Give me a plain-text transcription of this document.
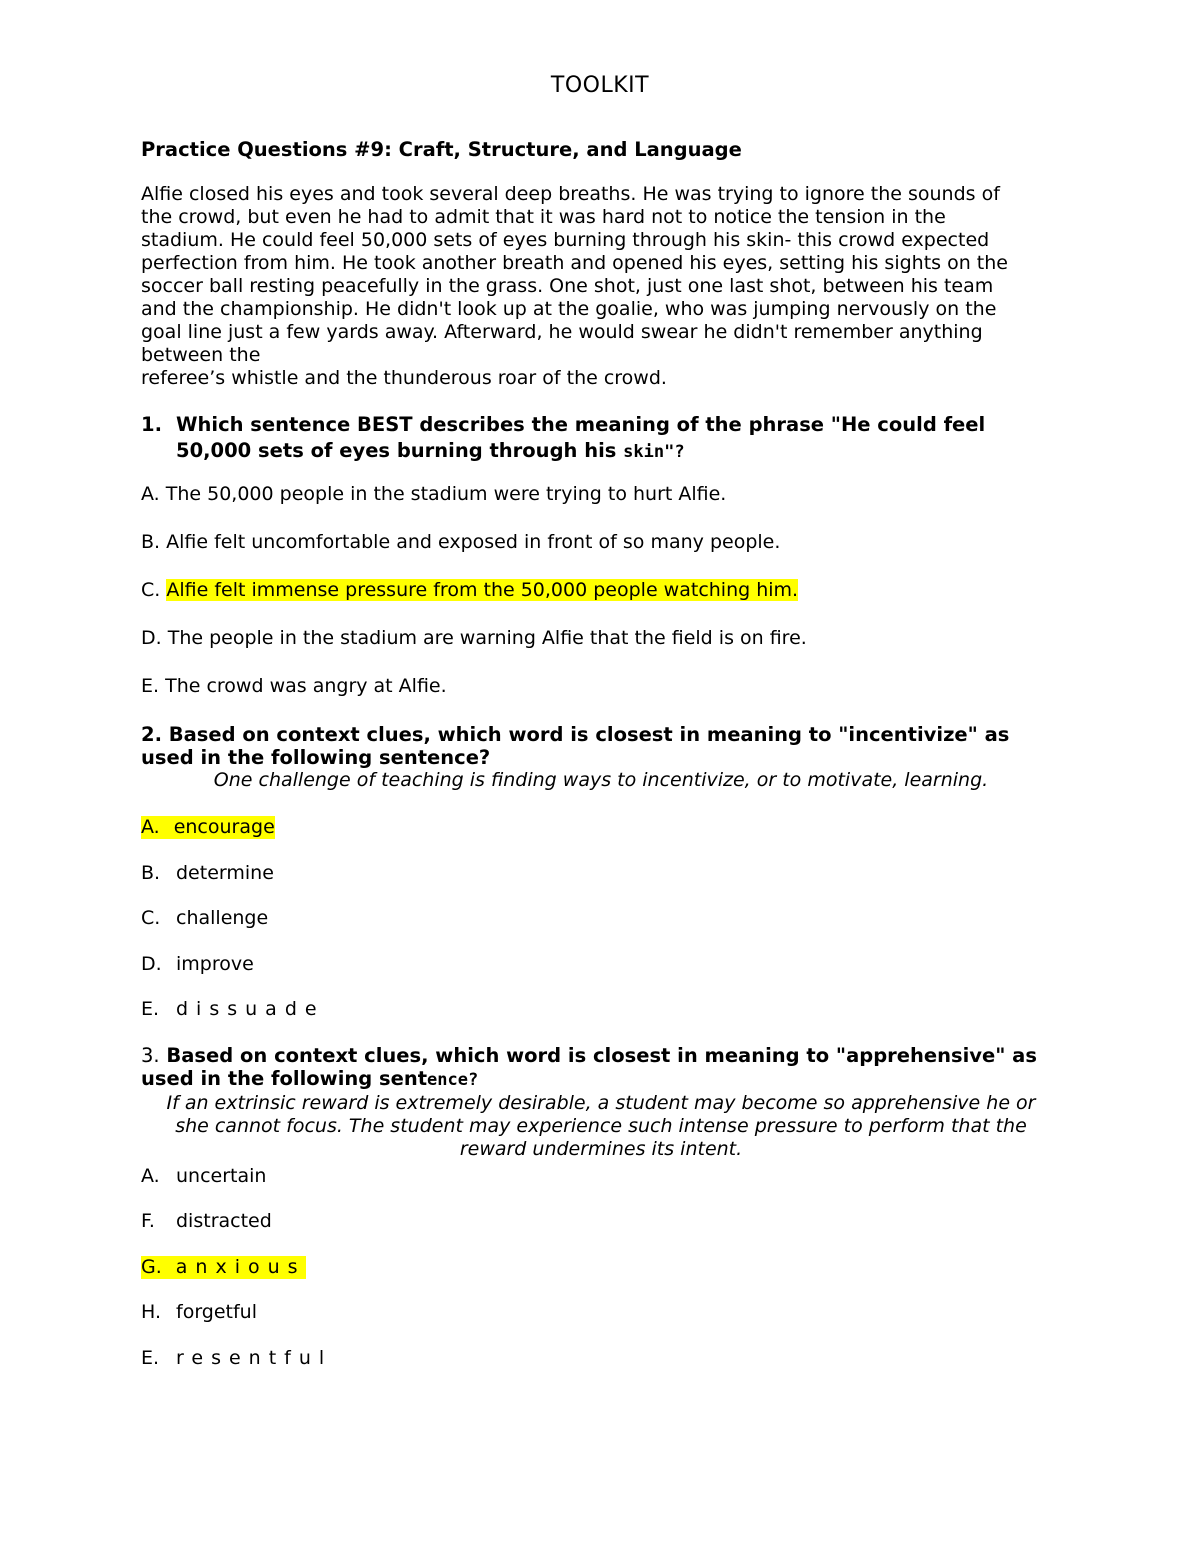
TOOLKIT
Practice Questions #9: Craft, Structure, and Language
Alfie closed his eyes and took several deep breaths. He was trying to ignore the sounds of
the crowd, but even he had to admit that it was hard not to notice the tension in the
stadium. He could feel 50,000 sets of eyes burning through his skin- this crowd expected
perfection from him. He took another breath and opened his eyes, setting his sights on the
soccer ball resting peacefully in the grass. One shot, just one last shot, between his team
and the championship. He didn't look up at the goalie, who was jumping nervously on the
goal line just a few yards away. Afterward, he would swear he didn't remember anything
between the
referee’s whistle and the thunderous roar of the crowd.
1. Which sentence BEST describes the meaning of the phrase "He could feel
50,000 sets of eyes burning through his skin"?
A. The 50,000 people in the stadium were trying to hurt Alfie.
B. Alfie felt uncomfortable and exposed in front of so many people.
C. Alfie felt immense pressure from the 50,000 people watching him.
D. The people in the stadium are warning Alfie that the field is on fire.
E. The crowd was angry at Alfie.
2. Based on context clues, which word is closest in meaning to "incentivize" as
used in the following sentence?
One challenge of teaching is finding ways to incentivize, or to motivate, learning.
A. encourage
B. determine
C. challenge
D. improve
E. dissuade
3. Based on context clues, which word is closest in meaning to "apprehensive" as
used in the following sentence?
If an extrinsic reward is extremely desirable, a student may become so apprehensive he or
she cannot focus. The student may experience such intense pressure to perform that the
reward undermines its intent.
A. uncertain
F.	distracted
G. anxious
H. forgetful
E. resentful
